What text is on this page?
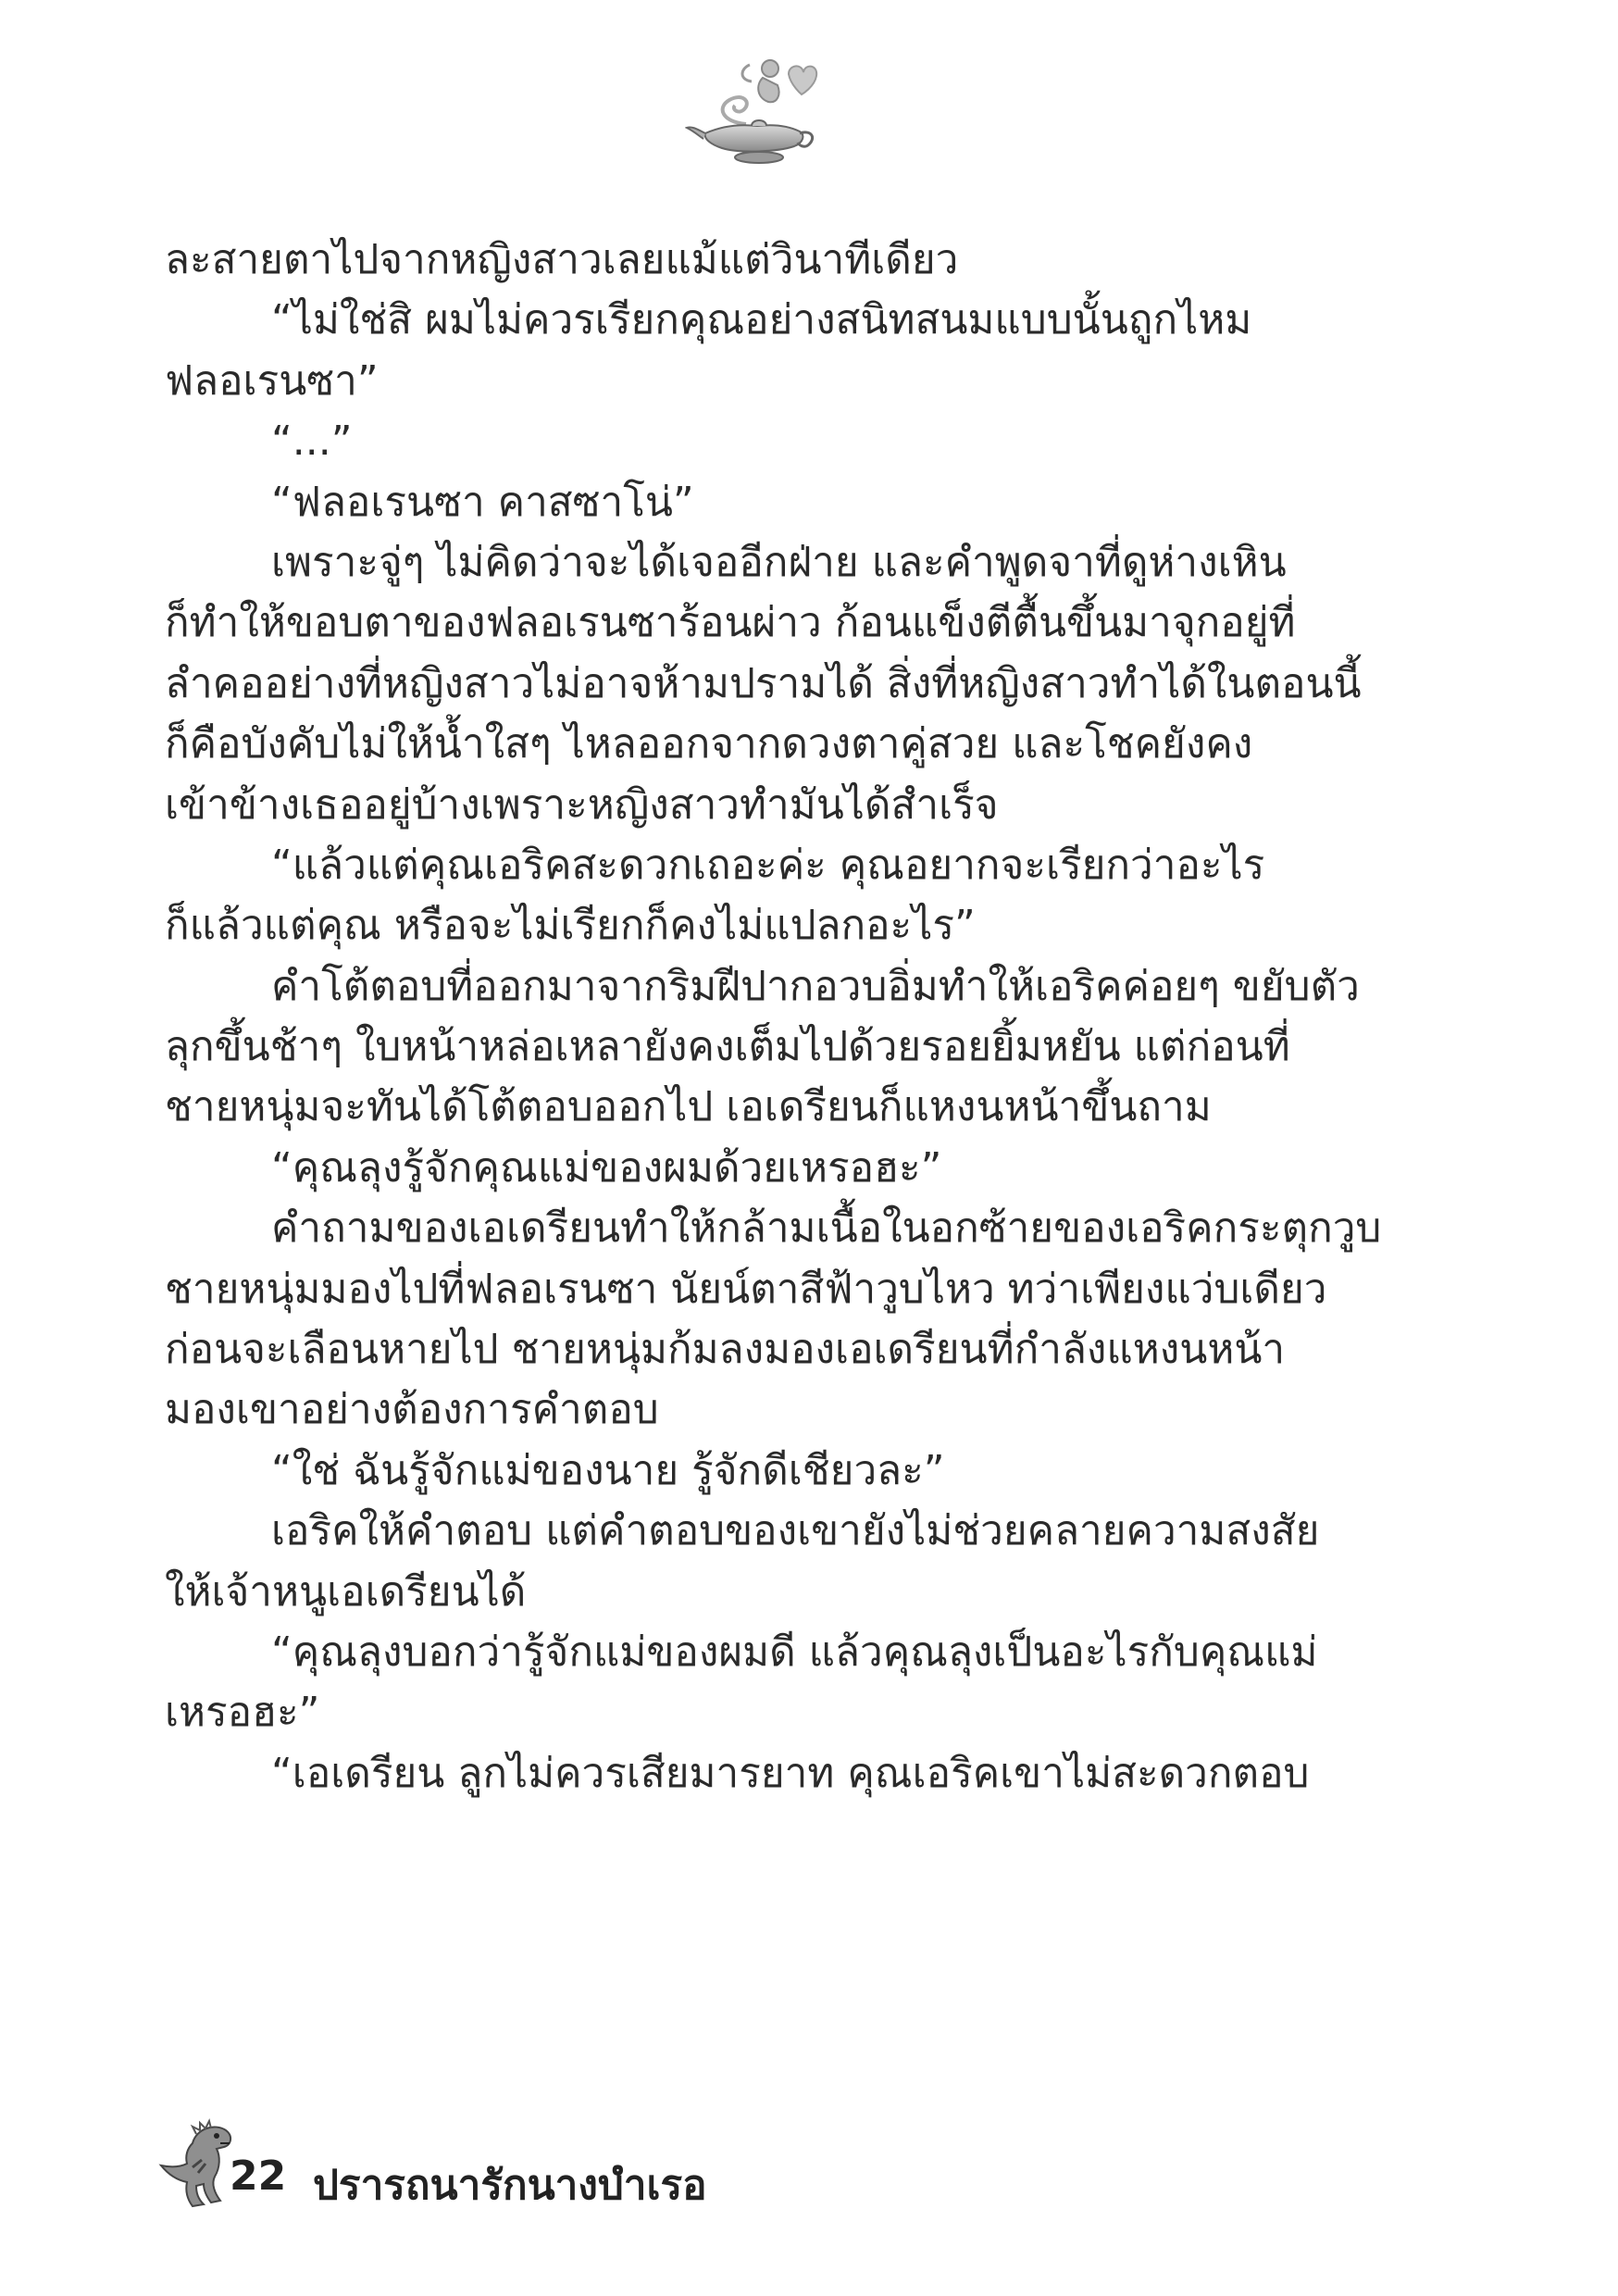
ละสายตาไปจากหญิงสาวเลยแม้แต่วินาทีเดียว
“ไม่ใช่สิ ผมไม่ควรเรียกคุณอย่างสนิทสนมแบบนั้นถูกไหม
ฟลอเรนซา”
“...”
“ฟลอเรนซา คาสซาโน่”
เพราะจู่ๆ ไม่คิดว่าจะได้เจออีกฝ่าย และคำพูดจาที่ดูห่างเหิน
ก็ทำให้ขอบตาของฟลอเรนซาร้อนผ่าว ก้อนแข็งตีตื้นขึ้นมาจุกอยู่ที่
ลำคออย่างที่หญิงสาวไม่อาจห้ามปรามได้ สิ่งที่หญิงสาวทำได้ในตอนนี้
ก็คือบังคับไม่ให้น้ำใสๆ ไหลออกจากดวงตาคู่สวย และโชคยังคง
เข้าข้างเธออยู่บ้างเพราะหญิงสาวทำมันได้สำเร็จ
“แล้วแต่คุณเอริคสะดวกเถอะค่ะ คุณอยากจะเรียกว่าอะไร
ก็แล้วแต่คุณ หรือจะไม่เรียกก็คงไม่แปลกอะไร”
คำโต้ตอบที่ออกมาจากริมฝีปากอวบอิ่มทำให้เอริคค่อยๆ ขยับตัว
ลุกขึ้นช้าๆ ใบหน้าหล่อเหลายังคงเต็มไปด้วยรอยยิ้มหยัน แต่ก่อนที่
ชายหนุ่มจะทันได้โต้ตอบออกไป เอเดรียนก็แหงนหน้าขึ้นถาม
“คุณลุงรู้จักคุณแม่ของผมด้วยเหรอฮะ”
คำถามของเอเดรียนทำให้กล้ามเนื้อในอกซ้ายของเอริคกระตุกวูบ
ชายหนุ่มมองไปที่ฟลอเรนซา นัยน์ตาสีฟ้าวูบไหว ทว่าเพียงแว่บเดียว
ก่อนจะเลือนหายไป ชายหนุ่มก้มลงมองเอเดรียนที่กำลังแหงนหน้า
มองเขาอย่างต้องการคำตอบ
“ใช่ ฉันรู้จักแม่ของนาย รู้จักดีเชียวละ”
เอริคให้คำตอบ แต่คำตอบของเขายังไม่ช่วยคลายความสงสัย
ให้เจ้าหนูเอเดรียนได้
“คุณลุงบอกว่ารู้จักแม่ของผมดี แล้วคุณลุงเป็นอะไรกับคุณแม่
เหรอฮะ”
“เอเดรียน ลูกไม่ควรเสียมารยาท คุณเอริคเขาไม่สะดวกตอบ
22 ปรารถนารักนางบำเรอ
